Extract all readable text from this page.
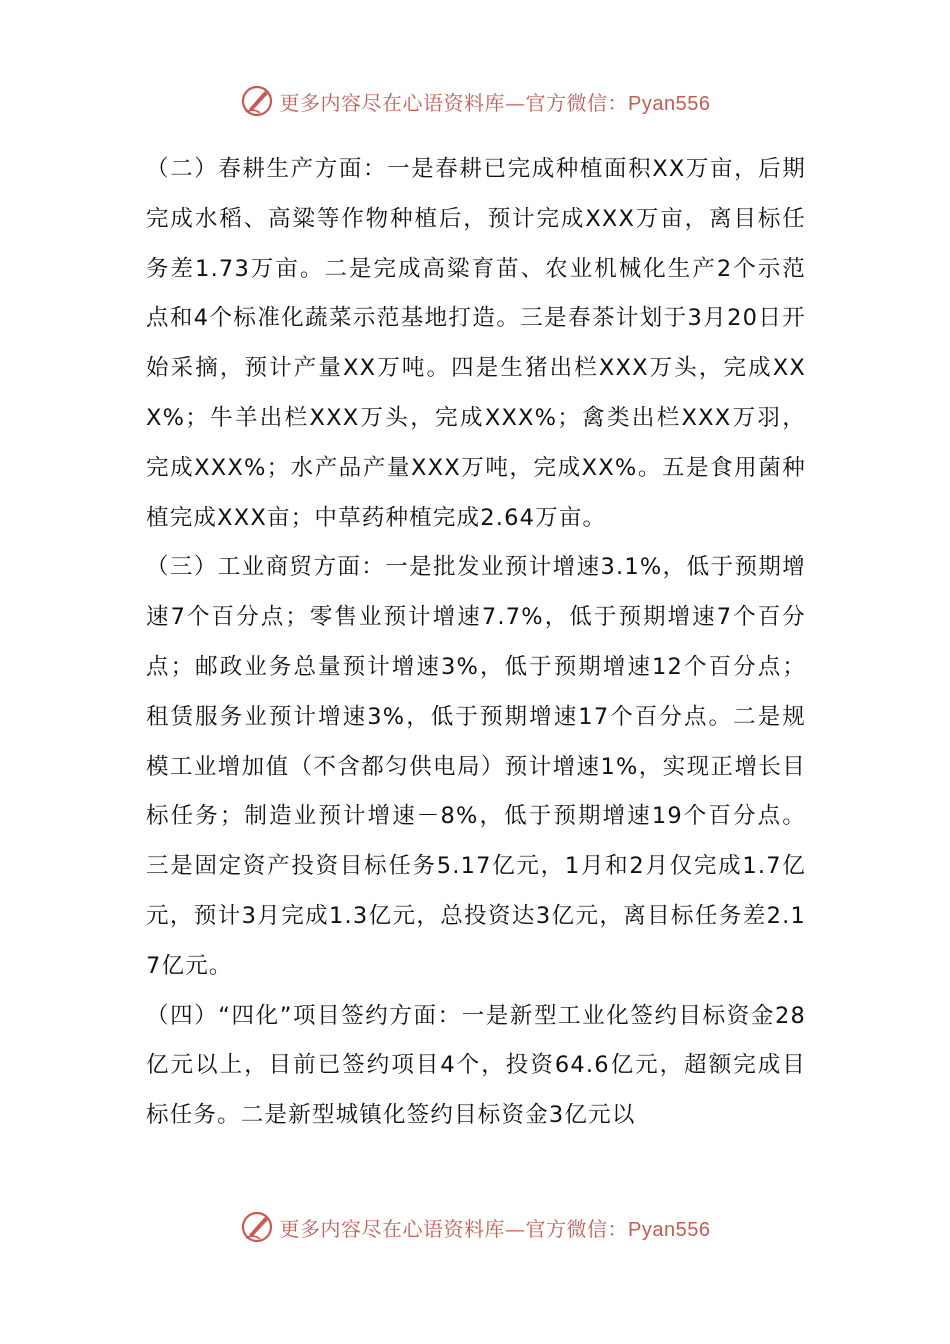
更多内容尽在心语资料库—官方微信：Pyan556

（二）春耕生产方面：一是春耕已完成种植面积XX万亩，后期完成水稻、高粱等作物种植后，预计完成XXX万亩，离目标任务差1.73万亩。二是完成高粱育苗、农业机械化生产2个示范点和4个标准化蔬菜示范基地打造。三是春茶计划于3月20日开始采摘，预计产量XX万吨。四是生猪出栏XXX万头，完成XXX%；牛羊出栏XXX万头，完成XXX%；禽类出栏XXX万羽，完成XXX%；水产品产量XXX万吨，完成XX%。五是食用菌种植完成XXX亩；中草药种植完成2.64万亩。

（三）工业商贸方面：一是批发业预计增速3.1%，低于预期增速7个百分点；零售业预计增速7.7%，低于预期增速7个百分点；邮政业务总量预计增速3%，低于预期增速12个百分点；租赁服务业预计增速3%，低于预期增速17个百分点。二是规模工业增加值（不含都匀供电局）预计增速1%，实现正增长目标任务；制造业预计增速－8%，低于预期增速19个百分点。三是固定资产投资目标任务5.17亿元，1月和2月仅完成1.7亿元，预计3月完成1.3亿元，总投资达3亿元，离目标任务差2.17亿元。

（四）“四化”项目签约方面：一是新型工业化签约目标资金28亿元以上，目前已签约项目4个，投资64.6亿元，超额完成目标任务。二是新型城镇化签约目标资金3亿元以

更多内容尽在心语资料库—官方微信：Pyan556
